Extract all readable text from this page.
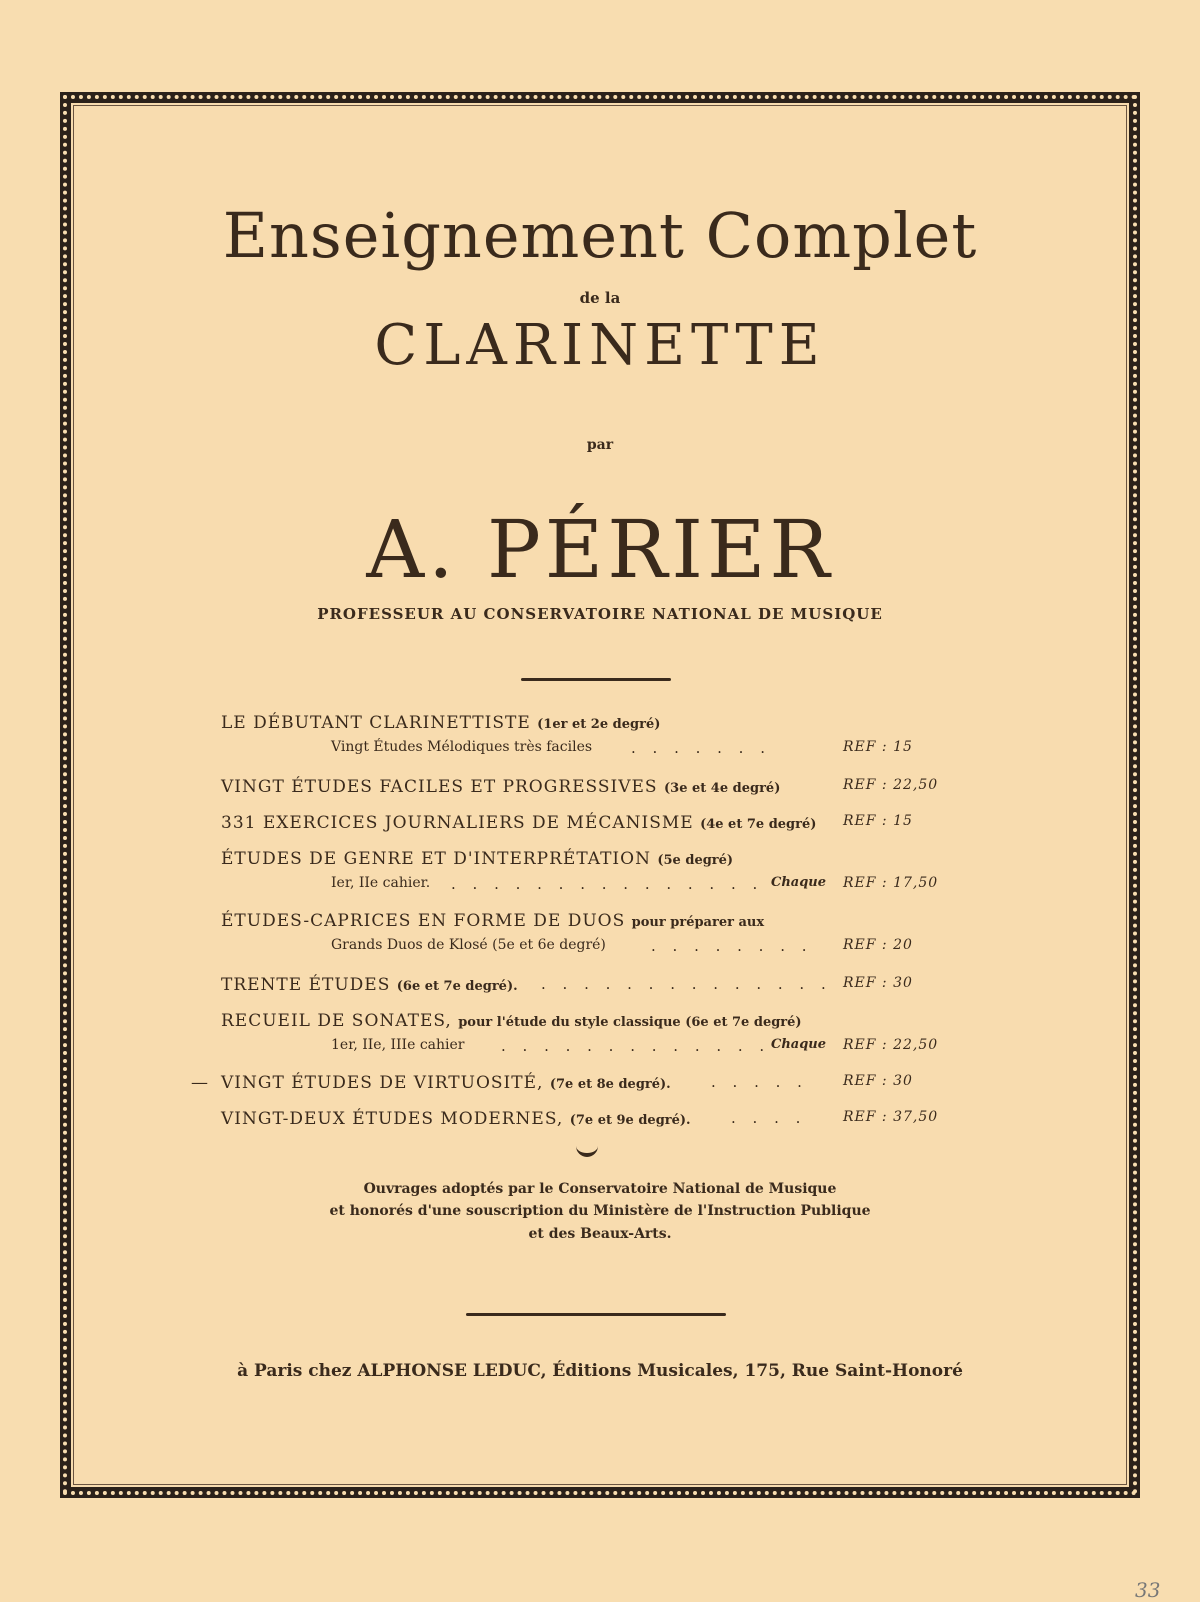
Enseignement Complet
de la
CLARINETTE
par
A. PÉRIER
PROFESSEUR AU CONSERVATOIRE NATIONAL DE MUSIQUE
LE DÉBUTANT CLARINETTISTE (1er et 2e degré)
Vingt Études Mélodiques très faciles	. . . . . . .	REF : 15
VINGT ÉTUDES FACILES ET PROGRESSIVES (3e et 4e degré)	REF : 22,50
331 EXERCICES JOURNALIERS DE MÉCANISME (4e et 7e degré) REF : 15
ÉTUDES DE GENRE ET D'INTERPRÉTATION (5e degré)
Ier, IIe cahier. . . . . . . . . . . . . . . . Chaque REF : 17,50
ÉTUDES-CAPRICES EN FORME DE DUOS pour préparer aux
Grands Duos de Klosé (5e et 6e degré)	. . . . . . . . REF : 20
TRENTE ÉTUDES (6e et 7e degré). . . . . . . . . . . . . . . REF : 30
RECUEIL DE SONATES, pour l'étude du style classique (6e et 7e degré)
1er, IIe, IIIe cahier . . . . . . . . . . . . . Chaque REF : 22,50
— VINGT ÉTUDES DE VIRTUOSITÉ, (7e et 8e degré).	. . . . .	REF : 30
VINGT-DEUX ÉTUDES MODERNES, (7e et 9e degré).	. . . .	REF : 37,50
Ouvrages adoptés par le Conservatoire National de Musique
et honorés d'une souscription du Ministère de l'Instruction Publique
et des Beaux-Arts.
à Paris chez ALPHONSE LEDUC, Éditions Musicales, 175, Rue Saint-Honoré
33
